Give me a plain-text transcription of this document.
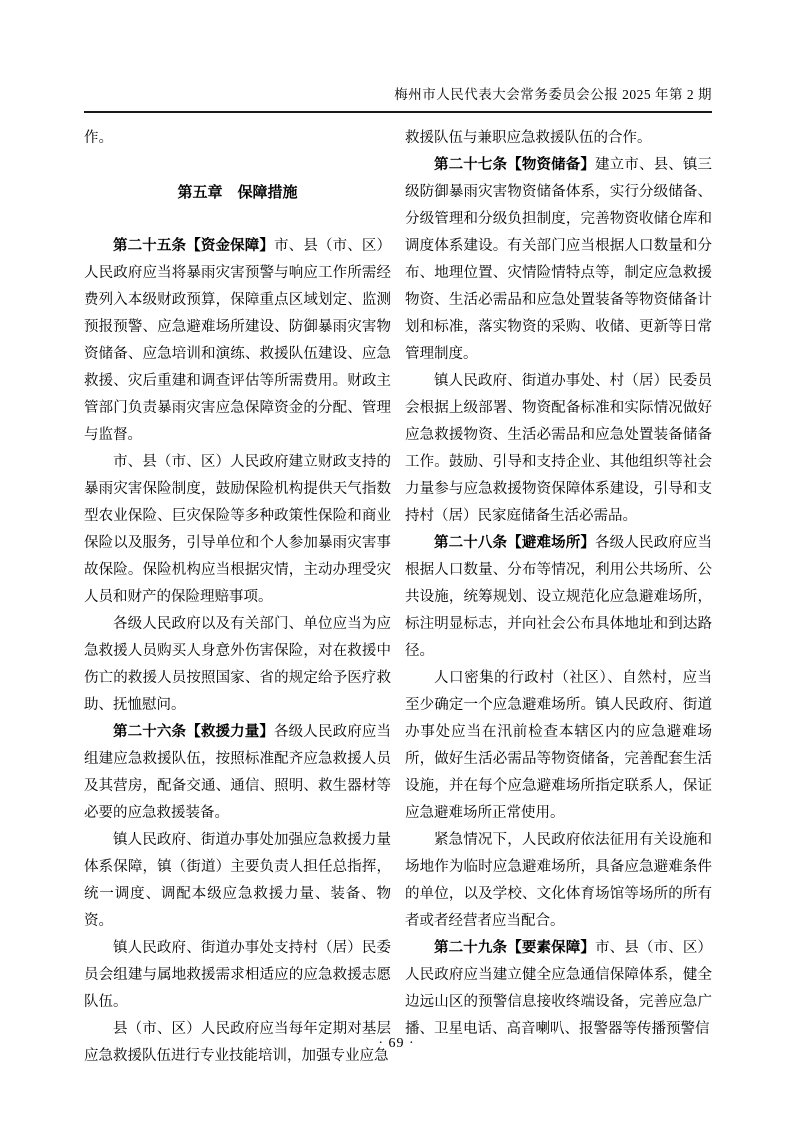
梅州市人民代表大会常务委员会公报 2025 年第 2 期

作。

第五章　保障措施

第二十五条【资金保障】市、县（市、区）人民政府应当将暴雨灾害预警与响应工作所需经费列入本级财政预算，保障重点区域划定、监测预报预警、应急避难场所建设、防御暴雨灾害物资储备、应急培训和演练、救援队伍建设、应急救援、灾后重建和调查评估等所需费用。财政主管部门负责暴雨灾害应急保障资金的分配、管理与监督。

市、县（市、区）人民政府建立财政支持的暴雨灾害保险制度，鼓励保险机构提供天气指数型农业保险、巨灾保险等多种政策性保险和商业保险以及服务，引导单位和个人参加暴雨灾害事故保险。保险机构应当根据灾情，主动办理受灾人员和财产的保险理赔事项。

各级人民政府以及有关部门、单位应当为应急救援人员购买人身意外伤害保险，对在救援中伤亡的救援人员按照国家、省的规定给予医疗救助、抚恤慰问。

第二十六条【救援力量】各级人民政府应当组建应急救援队伍，按照标准配齐应急救援人员及其营房，配备交通、通信、照明、救生器材等必要的应急救援装备。

镇人民政府、街道办事处加强应急救援力量体系保障，镇（街道）主要负责人担任总指挥，统一调度、调配本级应急救援力量、装备、物资。

镇人民政府、街道办事处支持村（居）民委员会组建与属地救援需求相适应的应急救援志愿队伍。

县（市、区）人民政府应当每年定期对基层应急救援队伍进行专业技能培训，加强专业应急

救援队伍与兼职应急救援队伍的合作。

第二十七条【物资储备】建立市、县、镇三级防御暴雨灾害物资储备体系，实行分级储备、分级管理和分级负担制度，完善物资收储仓库和调度体系建设。有关部门应当根据人口数量和分布、地理位置、灾情险情特点等，制定应急救援物资、生活必需品和应急处置装备等物资储备计划和标准，落实物资的采购、收储、更新等日常管理制度。

镇人民政府、街道办事处、村（居）民委员会根据上级部署、物资配备标准和实际情况做好应急救援物资、生活必需品和应急处置装备储备工作。鼓励、引导和支持企业、其他组织等社会力量参与应急救援物资保障体系建设，引导和支持村（居）民家庭储备生活必需品。

第二十八条【避难场所】各级人民政府应当根据人口数量、分布等情况，利用公共场所、公共设施，统筹规划、设立规范化应急避难场所，标注明显标志，并向社会公布具体地址和到达路径。

人口密集的行政村（社区）、自然村，应当至少确定一个应急避难场所。镇人民政府、街道办事处应当在汛前检查本辖区内的应急避难场所，做好生活必需品等物资储备，完善配套生活设施，并在每个应急避难场所指定联系人，保证应急避难场所正常使用。

紧急情况下，人民政府依法征用有关设施和场地作为临时应急避难场所，具备应急避难条件的单位，以及学校、文化体育场馆等场所的所有者或者经营者应当配合。

第二十九条【要素保障】市、县（市、区）人民政府应当建立健全应急通信保障体系，健全边远山区的预警信息接收终端设备，完善应急广播、卫星电话、高音喇叭、报警器等传播预警信

· 69 ·
